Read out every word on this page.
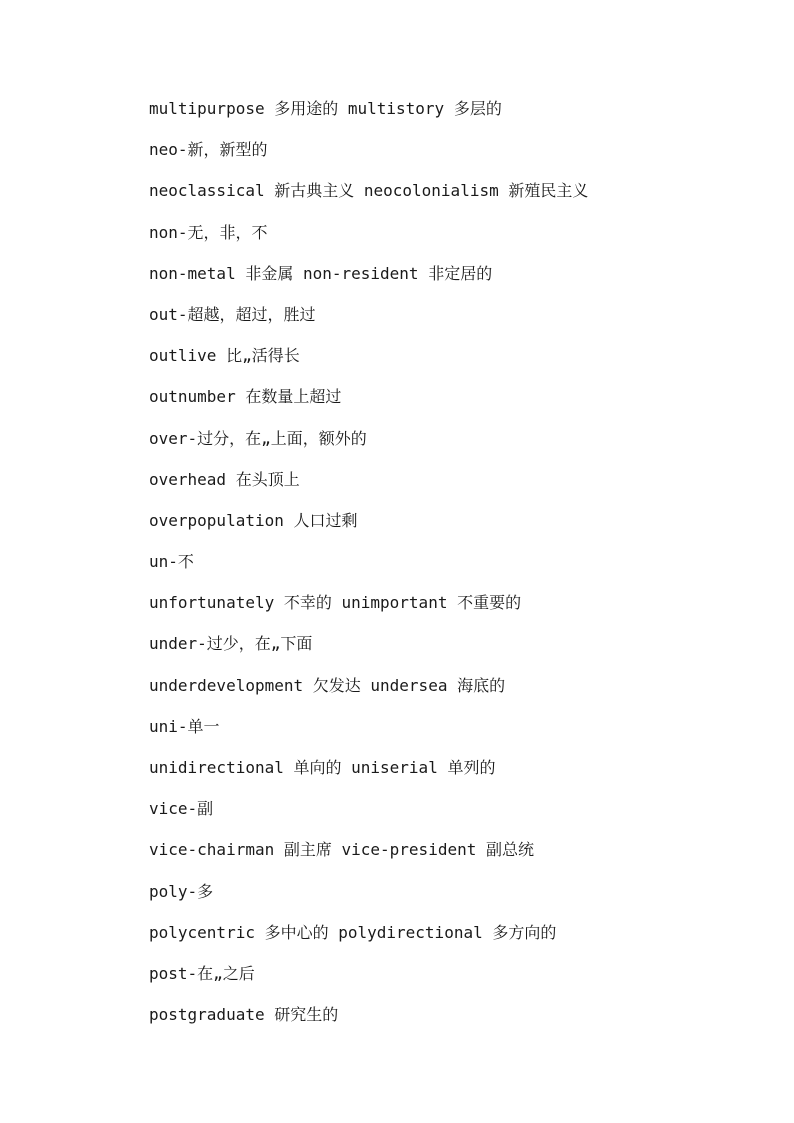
multipurpose 多用途的 multistory 多层的
neo-新，新型的
neoclassical 新古典主义 neocolonialism 新殖民主义
non-无，非，不
non-metal 非金属 non-resident 非定居的
out-超越，超过，胜过
outlive 比„活得长
outnumber 在数量上超过
over-过分，在„上面，额外的
overhead 在头顶上
overpopulation 人口过剩
un-不
unfortunately 不幸的 unimportant 不重要的
under-过少，在„下面
underdevelopment 欠发达 undersea 海底的
uni-单一
unidirectional 单向的 uniserial 单列的
vice-副
vice-chairman 副主席 vice-president 副总统
poly-多
polycentric 多中心的 polydirectional 多方向的
post-在„之后
postgraduate 研究生的
